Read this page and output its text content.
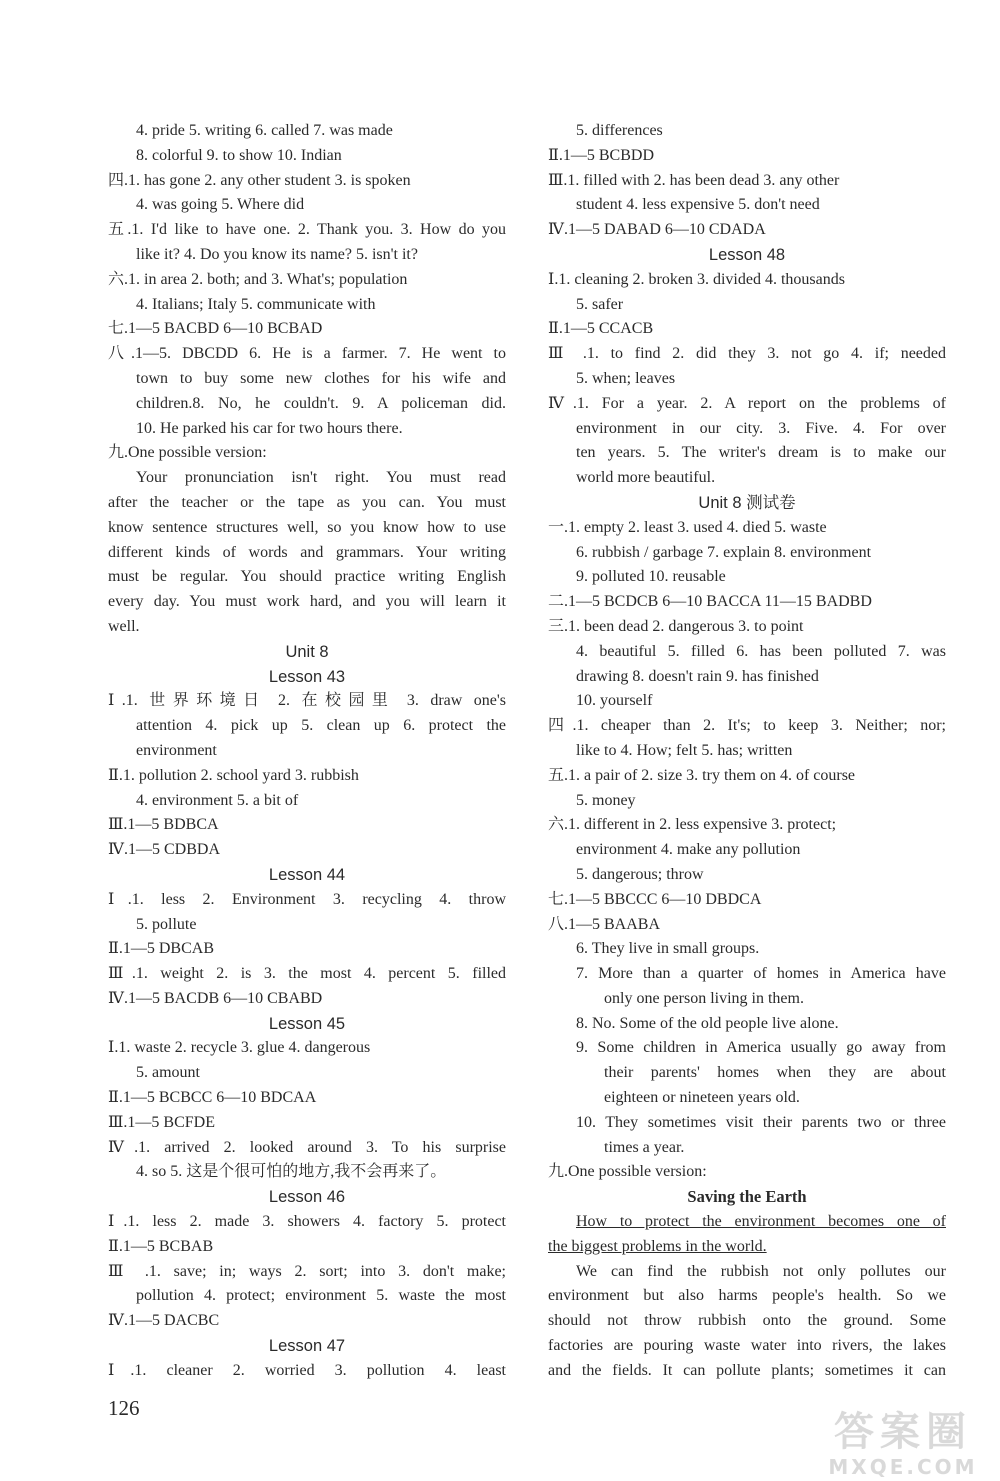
4. pride 5. writing 6. called 7. was made
8. colorful 9. to show 10. Indian
四.1. has gone 2. any other student 3. is spoken
4. was going 5. Where did
五.1. I'd like to have one. 2. Thank you. 3. How do you
like it? 4. Do you know its name? 5. isn't it?
六.1. in area 2. both; and 3. What's; population
4. Italians; Italy 5. communicate with
七.1—5 BACBD 6—10 BCBAD
八.1—5. DBCDD 6. He is a farmer. 7. He went to
town to buy some new clothes for his wife and
children.8. No, he couldn't. 9. A policeman did.
10. He parked his car for two hours there.
九.One possible version:
Your pronunciation isn't right. You must read
after the teacher or the tape as you can. You must
know sentence structures well, so you know how to use
different kinds of words and grammars. Your writing
must be regular. You should practice writing English
every day. You must work hard, and you will learn it
well.
Unit 8
Lesson 43
Ⅰ.1. 世界环境日 2. 在校园里 3. draw one's
attention 4. pick up 5. clean up 6. protect the
environment
Ⅱ.1. pollution 2. school yard 3. rubbish
4. environment 5. a bit of
Ⅲ.1—5 BDBCA
Ⅳ.1—5 CDBDA
Lesson 44
Ⅰ.1. less 2. Environment 3. recycling 4. throw
5. pollute
Ⅱ.1—5 DBCAB
Ⅲ.1. weight 2. is 3. the most 4. percent 5. filled
Ⅳ.1—5 BACDB 6—10 CBABD
Lesson 45
Ⅰ.1. waste 2. recycle 3. glue 4. dangerous
5. amount
Ⅱ.1—5 BCBCC 6—10 BDCAA
Ⅲ.1—5 BCFDE
Ⅳ.1. arrived 2. looked around 3. To his surprise
4. so 5. 这是个很可怕的地方,我不会再来了。
Lesson 46
Ⅰ.1. less 2. made 3. showers 4. factory 5. protect
Ⅱ.1—5 BCBAB
Ⅲ .1. save; in; ways 2. sort; into 3. don't make;
pollution 4. protect; environment 5. waste the most
Ⅳ.1—5 DACBC
Lesson 47
Ⅰ.1. cleaner 2. worried 3. pollution 4. least
5. differences
Ⅱ.1—5 BCBDD
Ⅲ.1. filled with 2. has been dead 3. any other
student 4. less expensive 5. don't need
Ⅳ.1—5 DABAD 6—10 CDADA
Lesson 48
Ⅰ.1. cleaning 2. broken 3. divided 4. thousands
5. safer
Ⅱ.1—5 CCACB
Ⅲ .1. to find 2. did they 3. not go 4. if; needed
5. when; leaves
Ⅳ.1. For a year. 2. A report on the problems of
environment in our city. 3. Five. 4. For over
ten years. 5. The writer's dream is to make our
world more beautiful.
Unit 8 测试卷
一.1. empty 2. least 3. used 4. died 5. waste
6. rubbish / garbage 7. explain 8. environment
9. polluted 10. reusable
二.1—5 BCDCB 6—10 BACCA 11—15 BADBD
三.1. been dead 2. dangerous 3. to point
4. beautiful 5. filled 6. has been polluted 7. was
drawing 8. doesn't rain 9. has finished
10. yourself
四.1. cheaper than 2. It's; to keep 3. Neither; nor;
like to 4. How; felt 5. has; written
五.1. a pair of 2. size 3. try them on 4. of course
5. money
六.1. different in 2. less expensive 3. protect;
environment 4. make any pollution
5. dangerous; throw
七.1—5 BBCCC 6—10 DBDCA
八.1—5 BAABA
6. They live in small groups.
7. More than a quarter of homes in America have
only one person living in them.
8. No. Some of the old people live alone.
9. Some children in America usually go away from
their parents' homes when they are about
eighteen or nineteen years old.
10. They sometimes visit their parents two or three
times a year.
九.One possible version:
Saving the Earth
How to protect the environment becomes one of
the biggest problems in the world.
We can find the rubbish not only pollutes our
environment but also harms people's health. So we
should not throw rubbish onto the ground. Some
factories are pouring waste water into rivers, the lakes
and the fields. It can pollute plants; sometimes it can
126
答案圈
MXQE.COM
